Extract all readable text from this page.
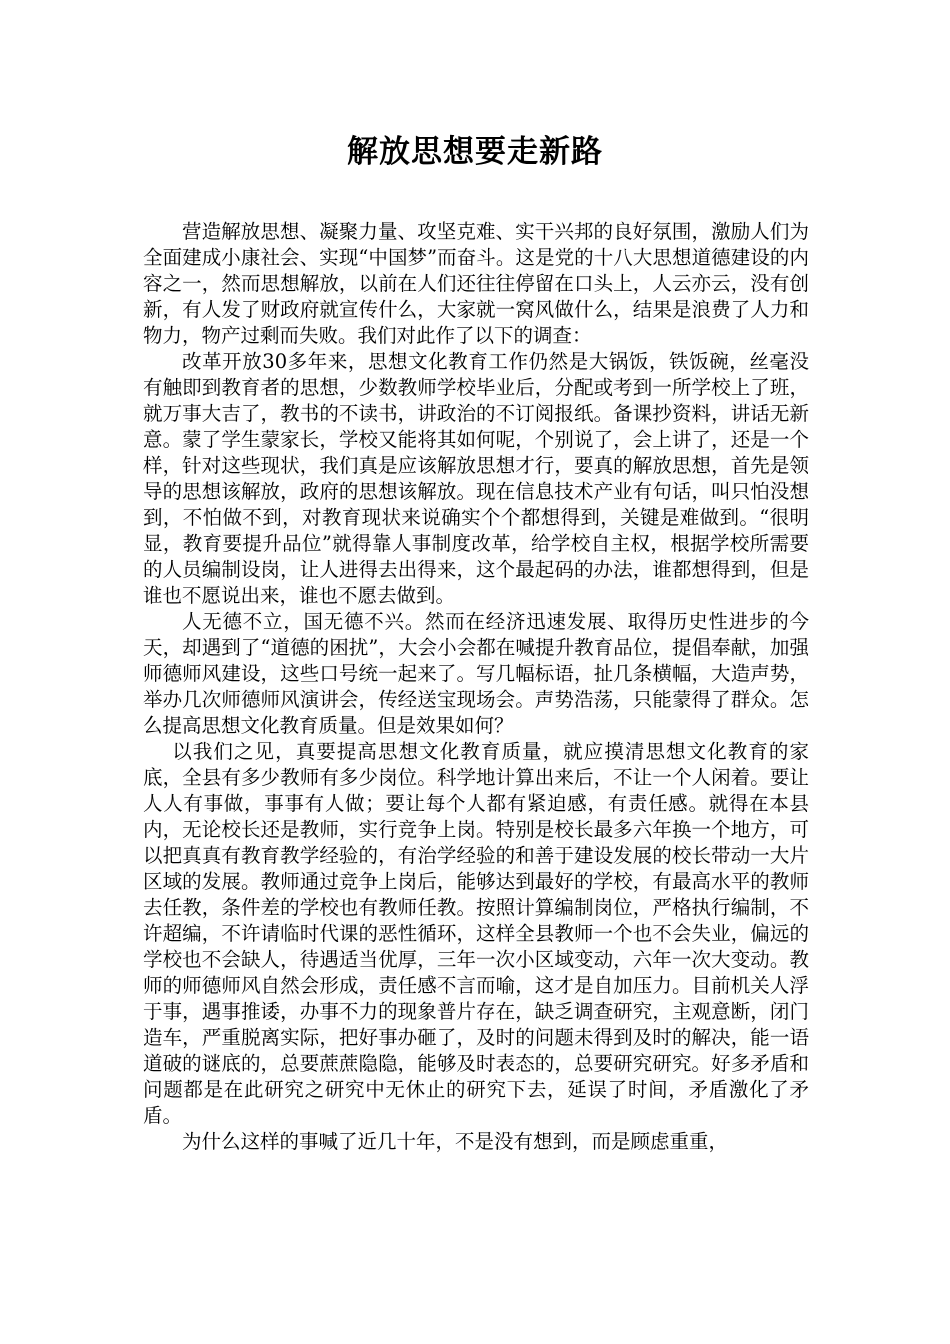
解放思想要走新路

营造解放思想、凝聚力量、攻坚克难、实干兴邦的良好氛围，激励人们为全面建成小康社会、实现“中国梦”而奋斗。这是党的十八大思想道德建设的内容之一，然而思想解放，以前在人们还往往停留在口头上，人云亦云，没有创新，有人发了财政府就宣传什么，大家就一窝风做什么，结果是浪费了人力和物力，物产过剩而失败。我们对此作了以下的调查：

改革开放30多年来，思想文化教育工作仍然是大锅饭，铁饭碗，丝毫没有触即到教育者的思想，少数教师学校毕业后，分配或考到一所学校上了班，就万事大吉了，教书的不读书，讲政治的不订阅报纸。备课抄资料，讲话无新意。蒙了学生蒙家长，学校又能将其如何呢，个别说了，会上讲了，还是一个样，针对这些现状，我们真是应该解放思想才行，要真的解放思想，首先是领导的思想该解放，政府的思想该解放。现在信息技术产业有句话，叫只怕没想到，不怕做不到，对教育现状来说确实个个都想得到，关键是难做到。“很明显，教育要提升品位”就得靠人事制度改革，给学校自主权，根据学校所需要的人员编制设岗，让人进得去出得来，这个最起码的办法，谁都想得到，但是谁也不愿说出来，谁也不愿去做到。

人无德不立，国无德不兴。然而在经济迅速发展、取得历史性进步的今天，却遇到了“道德的困扰”，大会小会都在喊提升教育品位，提倡奉献，加强师德师风建设，这些口号统一起来了。写几幅标语，扯几条横幅，大造声势，举办几次师德师风演讲会，传经送宝现场会。声势浩荡，只能蒙得了群众。怎么提高思想文化教育质量。但是效果如何？

以我们之见，真要提高思想文化教育质量，就应摸清思想文化教育的家底，全县有多少教师有多少岗位。科学地计算出来后，不让一个人闲着。要让人人有事做，事事有人做；要让每个人都有紧迫感，有责任感。就得在本县内，无论校长还是教师，实行竞争上岗。特别是校长最多六年换一个地方，可以把真真有教育教学经验的，有治学经验的和善于建设发展的校长带动一大片区域的发展。教师通过竞争上岗后，能够达到最好的学校，有最高水平的教师去任教，条件差的学校也有教师任教。按照计算编制岗位，严格执行编制，不许超编，不许请临时代课的恶性循环，这样全县教师一个也不会失业，偏远的学校也不会缺人，待遇适当优厚，三年一次小区域变动，六年一次大变动。教师的师德师风自然会形成，责任感不言而喻，这才是自加压力。目前机关人浮于事，遇事推诿，办事不力的现象普片存在，缺乏调查研究，主观意断，闭门造车，严重脱离实际，把好事办砸了，及时的问题未得到及时的解决，能一语道破的谜底的，总要蔗蔗隐隐，能够及时表态的，总要研究研究。好多矛盾和问题都是在此研究之研究中无休止的研究下去，延误了时间，矛盾激化了矛盾。

为什么这样的事喊了近几十年，不是没有想到，而是顾虑重重，
